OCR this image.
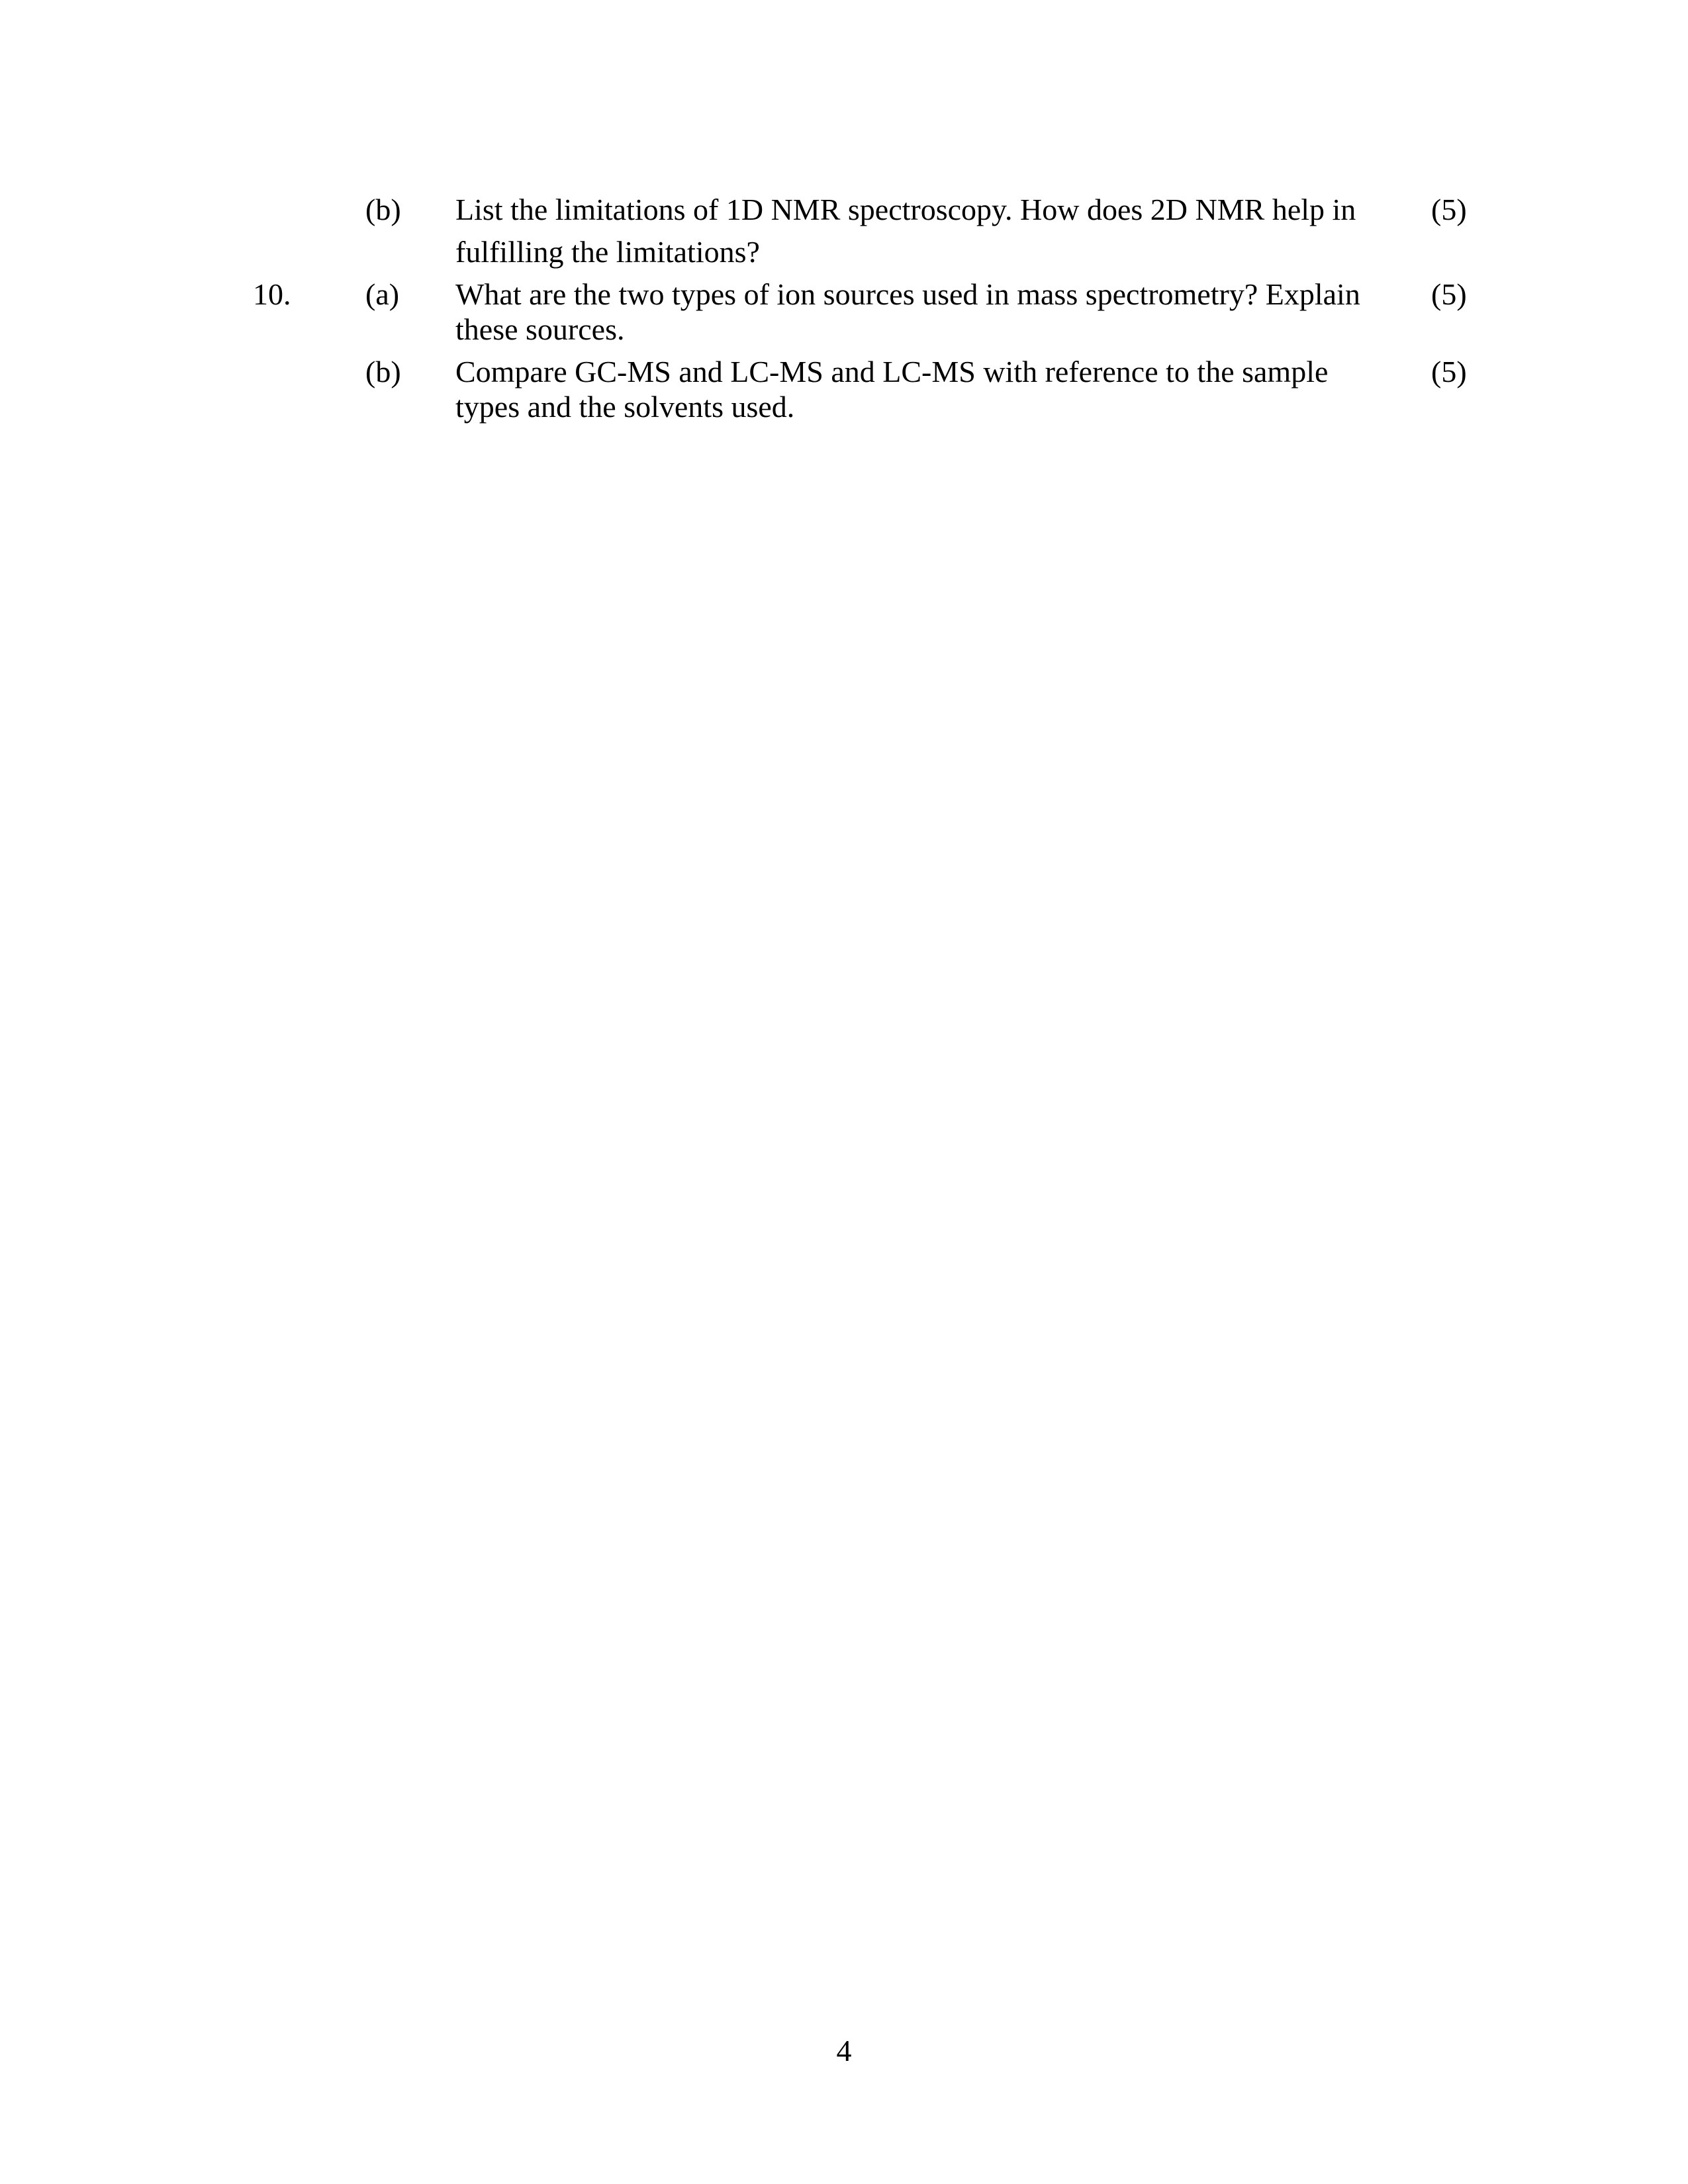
(b) List the limitations of 1D NMR spectroscopy. How does 2D NMR help in
fulfilling the limitations?
(5)
10. (a) What are the two types of ion sources used in mass spectrometry? Explain
these sources.
(5)
(b) Compare GC-MS and LC-MS and LC-MS with reference to the sample
types and the solvents used.
(5)
4
